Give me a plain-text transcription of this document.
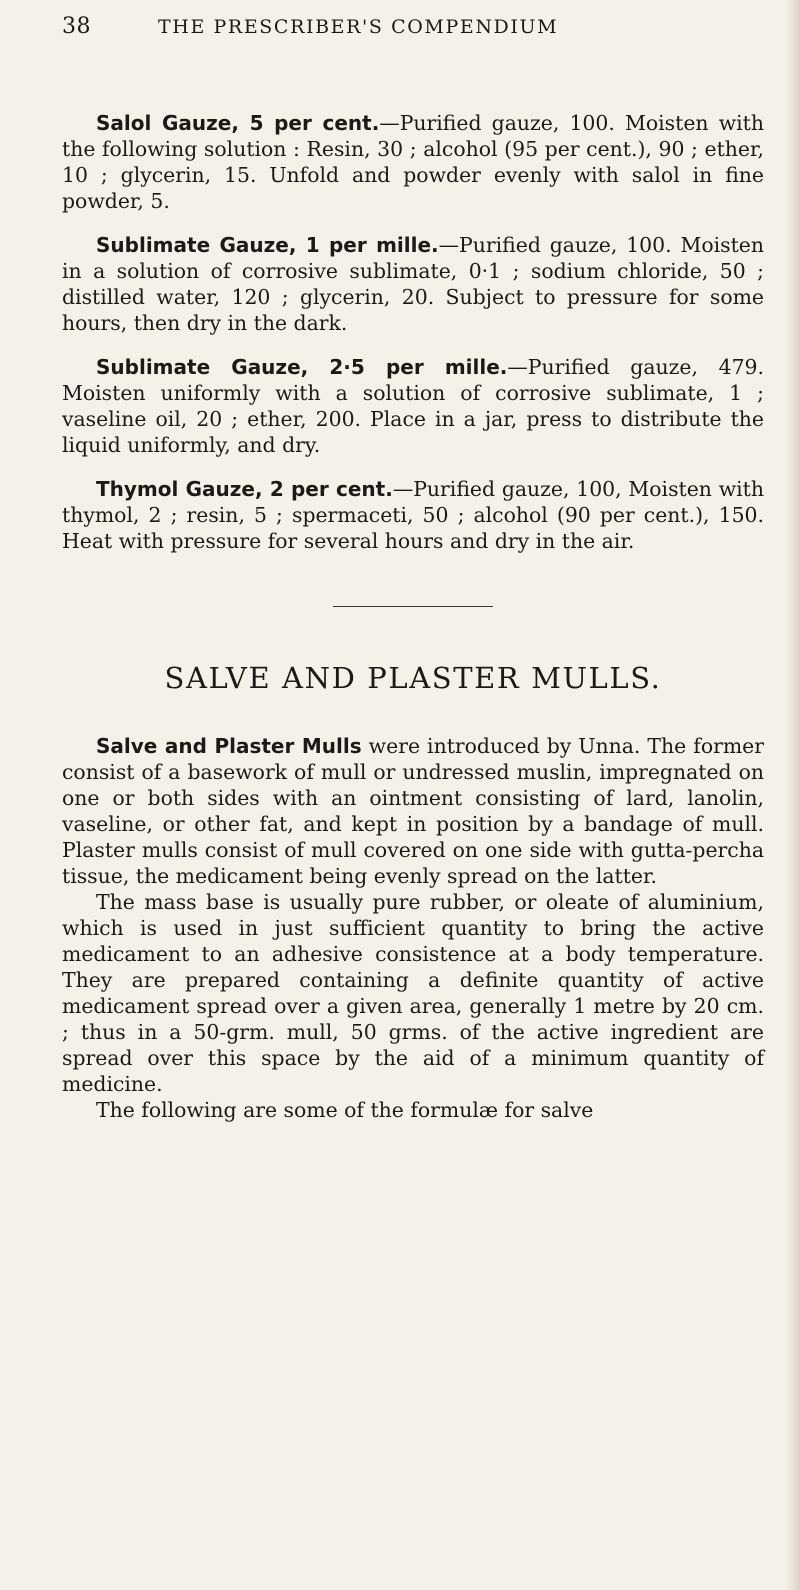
38	THE PRESCRIBER'S COMPENDIUM

Salol Gauze, 5 per cent.—Purified gauze, 100. Moisten with the following solution : Resin, 30 ; alcohol (95 per cent.), 90 ; ether, 10 ; glycerin, 15. Unfold and powder evenly with salol in fine powder, 5.

Sublimate Gauze, 1 per mille.—Purified gauze, 100. Moisten in a solution of corrosive sublimate, 0·1 ; sodium chloride, 50 ; distilled water, 120 ; glycerin, 20. Subject to pressure for some hours, then dry in the dark.

Sublimate Gauze, 2·5 per mille.—Purified gauze, 479. Moisten uniformly with a solution of corrosive sublimate, 1 ; vaseline oil, 20 ; ether, 200. Place in a jar, press to distribute the liquid uniformly, and dry.

Thymol Gauze, 2 per cent.—Purified gauze, 100, Moisten with thymol, 2 ; resin, 5 ; spermaceti, 50 ; alcohol (90 per cent.), 150. Heat with pressure for several hours and dry in the air.

SALVE AND PLASTER MULLS.

Salve and Plaster Mulls were introduced by Unna. The former consist of a basework of mull or undressed muslin, impregnated on one or both sides with an ointment consisting of lard, lanolin, vaseline, or other fat, and kept in position by a bandage of mull. Plaster mulls consist of mull covered on one side with gutta-percha tissue, the medicament being evenly spread on the latter.

The mass base is usually pure rubber, or oleate of aluminium, which is used in just sufficient quantity to bring the active medicament to an adhesive consistence at a body temperature. They are prepared containing a definite quantity of active medicament spread over a given area, generally 1 metre by 20 cm. ; thus in a 50-grm. mull, 50 grms. of the active ingredient are spread over this space by the aid of a minimum quantity of medicine.

The following are some of the formulæ for salve
